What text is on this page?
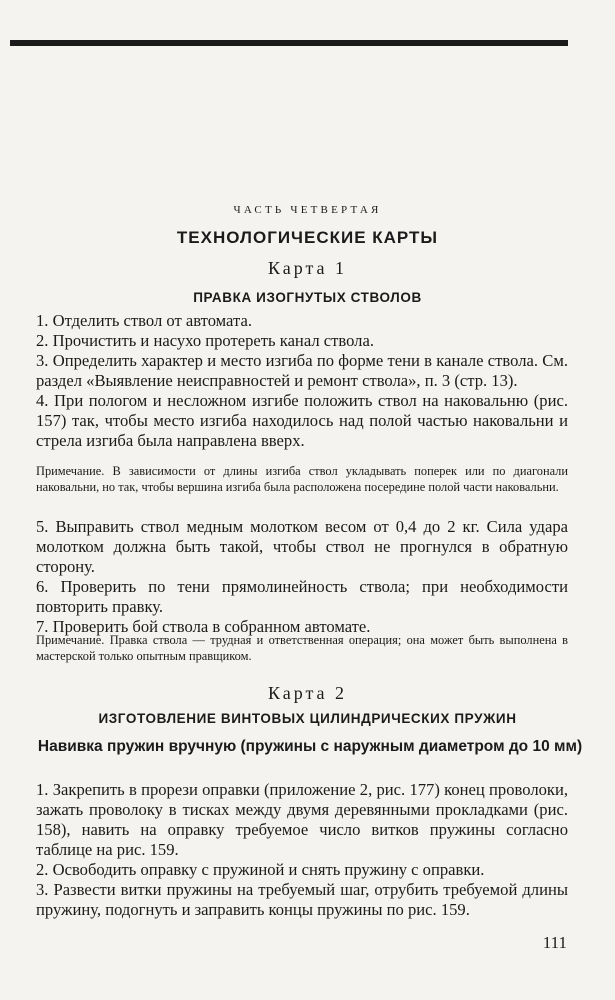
ЧАСТЬ ЧЕТВЕРТАЯ
ТЕХНОЛОГИЧЕСКИЕ КАРТЫ
Карта 1
ПРАВКА ИЗОГНУТЫХ СТВОЛОВ
1. Отделить ствол от автомата.
2. Прочистить и насухо протереть канал ствола.
3. Определить характер и место изгиба по форме тени в канале ствола. См. раздел «Выявление неисправностей и ремонт ствола», п. 3 (стр. 13).
4. При пологом и несложном изгибе положить ствол на наковальню (рис. 157) так, чтобы место изгиба находилось над полой частью наковальни и стрела изгиба была направлена вверх.
Примечание. В зависимости от длины изгиба ствол укладывать поперек или по диагонали наковальни, но так, чтобы вершина изгиба была расположена посередине полой части наковальни.
5. Выправить ствол медным молотком весом от 0,4 до 2 кг. Сила удара молотком должна быть такой, чтобы ствол не прогнулся в обратную сторону.
6. Проверить по тени прямолинейность ствола; при необходимости повторить правку.
7. Проверить бой ствола в собранном автомате.
Примечание. Правка ствола — трудная и ответственная операция; она может быть выполнена в мастерской только опытным правщиком.
Карта 2
ИЗГОТОВЛЕНИЕ ВИНТОВЫХ ЦИЛИНДРИЧЕСКИХ ПРУЖИН
Навивка пружин вручную (пружины с наружным диаметром до 10 мм)
1. Закрепить в прорези оправки (приложение 2, рис. 177) конец проволоки, зажать проволоку в тисках между двумя деревянными прокладками (рис. 158), навить на оправку требуемое число витков пружины согласно таблице на рис. 159.
2. Освободить оправку с пружиной и снять пружину с оправки.
3. Развести витки пружины на требуемый шаг, отрубить требуемой длины пружину, подогнуть и заправить концы пружины по рис. 159.
111
